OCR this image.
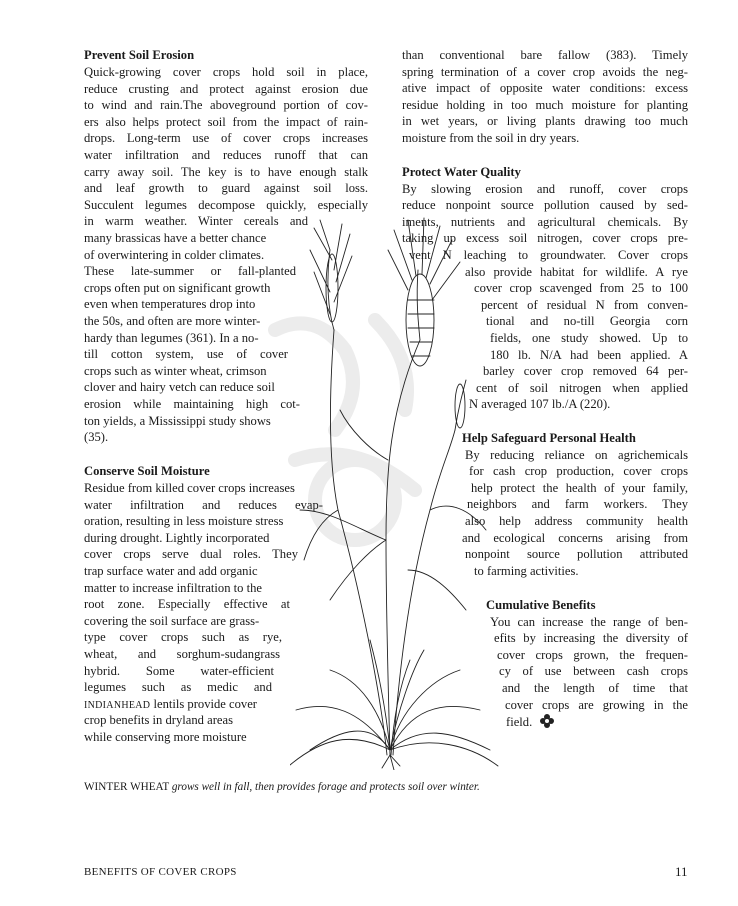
Prevent Soil Erosion
Quick-growing cover crops hold soil in place,
reduce crusting and protect against erosion due
to wind and rain.The aboveground portion of cov-
ers also helps protect soil from the impact of rain-
drops. Long-term use of cover crops increases
water infiltration and reduces runoff that can
carry away soil. The key is to have enough stalk
and leaf growth to guard against soil loss.
Succulent legumes decompose quickly, especially
in warm weather. Winter cereals and
many brassicas have a better chance
of overwintering in colder climates.
These late-summer or fall-planted
crops often put on significant growth
even when temperatures drop into
the 50s, and often are more winter-
hardy than legumes (361). In a no-
till cotton system, use of cover
crops such as winter wheat, crimson
clover and hairy vetch can reduce soil
erosion while maintaining high cot-
ton yields, a Mississippi study shows
(35).
Conserve Soil Moisture
Residue from killed cover crops increases
water infiltration and reduces evap-
oration, resulting in less moisture stress
during drought. Lightly incorporated
cover crops serve dual roles. They
trap surface water and add organic
matter to increase infiltration to the
root zone. Especially effective at
covering the soil surface are grass-
type cover crops such as rye,
wheat, and sorghum-sudangrass
hybrid. Some water-efficient
legumes such as medic and
INDIANHEAD lentils provide cover
crop benefits in dryland areas
while conserving more moisture
than conventional bare fallow (383). Timely
spring termination of a cover crop avoids the neg-
ative impact of opposite water conditions: excess
residue holding in too much moisture for planting
in wet years, or living plants drawing too much
moisture from the soil in dry years.
Protect Water Quality
By slowing erosion and runoff, cover crops
reduce nonpoint source pollution caused by sed-
iments, nutrients and agricultural chemicals. By
taking up excess soil nitrogen, cover crops pre-
vent N leaching to groundwater. Cover crops
also provide habitat for wildlife. A rye
cover crop scavenged from 25 to 100
percent of residual N from conven-
tional and no-till Georgia corn
fields, one study showed. Up to
180 lb. N/A had been applied. A
barley cover crop removed 64 per-
cent of soil nitrogen when applied
N averaged 107 lb./A (220).
Help Safeguard Personal Health
By reducing reliance on agrichemicals
for cash crop production, cover crops
help protect the health of your family,
neighbors and farm workers. They
also help address community health
and ecological concerns arising from
nonpoint source pollution attributed
to farming activities.
Cumulative Benefits
You can increase the range of ben-
efits by increasing the diversity of
cover crops grown, the frequen-
cy of use between cash crops
and the length of time that
cover crops are growing in the
field.
WINTER WHEAT grows well in fall, then provides forage and protects soil over winter.
BENEFITS OF COVER CROPS	11
